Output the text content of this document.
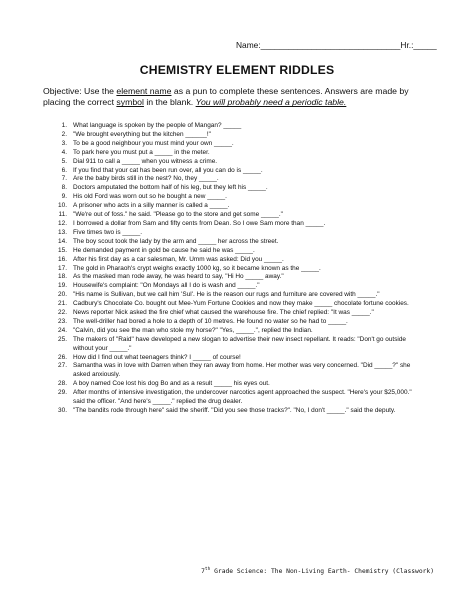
Name:______________________________Hr.:_____
CHEMISTRY ELEMENT RIDDLES
Objective: Use the element name as a pun to complete these sentences. Answers are made by placing the correct symbol in the blank. You will probably need a periodic table.
1. What language is spoken by the people of Mangan? _____
2. "We brought everything but the kitchen ______!"
3. To be a good neighbour you must mind your own _____.
4. To park here you must put a _____ in the meter.
5. Dial 911 to call a _____ when you witness a crime.
6. If you find that your cat has been run over, all you can do is _____.
7. Are the baby birds still in the nest? No, they _____.
8. Doctors amputated the bottom half of his leg, but they left his _____.
9. His old Ford was worn out so he bought a new _____.
10. A prisoner who acts in a silly manner is called a _____.
11. "We're out of foss." he said. "Please go to the store and get some _____."
12. I borrowed a dollar from Sam and fifty cents from Dean. So I owe Sam more than _____.
13. Five times two is _____.
14. The boy scout took the lady by the arm and _____ her across the street.
15. He demanded payment in gold be cause he said he was _____.
16. After his first day as a car salesman, Mr. Umm was asked: Did you _____.
17. The gold in Pharaoh's crypt weighs exactly 1000 kg, so it became known as the _____.
18. As the masked man rode away, he was heard to say, "Hi Ho _____ away."
19. Housewife's complaint: "On Mondays all I do is wash and _____."
20. "His name is Sullivan, but we call him 'Sul'. He is the reason our rugs and furniture are covered with _____."
21. Cadbury's Chocolate Co. bought out Mee-Yum Fortune Cookies and now they make _____ chocolate fortune cookies.
22. News reporter Nick asked the fire chief what caused the warehouse fire. The chief replied: "It was _____."
23. The well-driller had bored a hole to a depth of 10 metres. He found no water so he had to _____.
24. "Calvin, did you see the man who stole my horse?" "Yes, _____.", replied the Indian.
25. The makers of "Raid" have developed a new slogan to advertise their new insect repellant. It reads: "Don't go outside without your _____."
26. How did I find out what teenagers think? I _____ of course!
27. Samantha was in love with Darren when they ran away from home. Her mother was very concerned. "Did _____?" she asked anxiously.
28. A boy named Coe lost his dog Bo and as a result _____ his eyes out.
29. After months of intensive investigation, the undercover narcotics agent approached the suspect. "Here's your $25,000." said the officer. "And here's _____." replied the drug dealer.
30. "The bandits rode through here" said the sheriff. "Did you see those tracks?". "No, I don't _____." said the deputy.
7th Grade Science: The Non-Living Earth- Chemistry (Classwork)
